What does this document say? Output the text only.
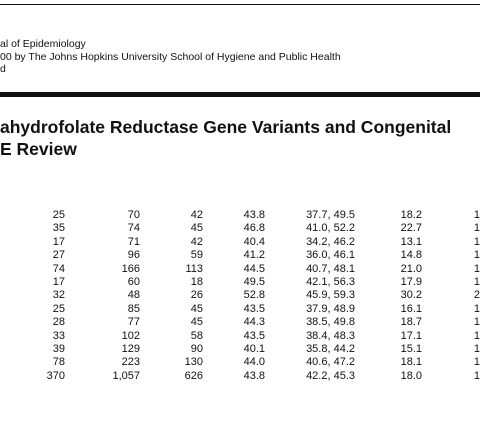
al of Epidemiology
00 by The Johns Hopkins University School of Hygiene and Public Health
d
ahydrofolate Reductase Gene Variants and Congenital
E Review
25	70	42	43.8	37.7, 49.5	18.2	1
35	74	45	46.8	41.0, 52.2	22.7	1
17	71	42	40.4	34.2, 46.2	13.1	1
27	96	59	41.2	36.0, 46.1	14.8	1
74	166	113	44.5	40.7, 48.1	21.0	1
17	60	18	49.5	42.1, 56.3	17.9	1
32	48	26	52.8	45.9, 59.3	30.2	2
25	85	45	43.5	37.9, 48.9	16.1	1
28	77	45	44.3	38.5, 49.8	18.7	1
33	102	58	43.5	38.4, 48.3	17.1	1
39	129	90	40.1	35.8, 44.2	15.1	1
78	223	130	44.0	40.6, 47.2	18.1	1
370	1,057	626	43.8	42.2, 45.3	18.0	1
